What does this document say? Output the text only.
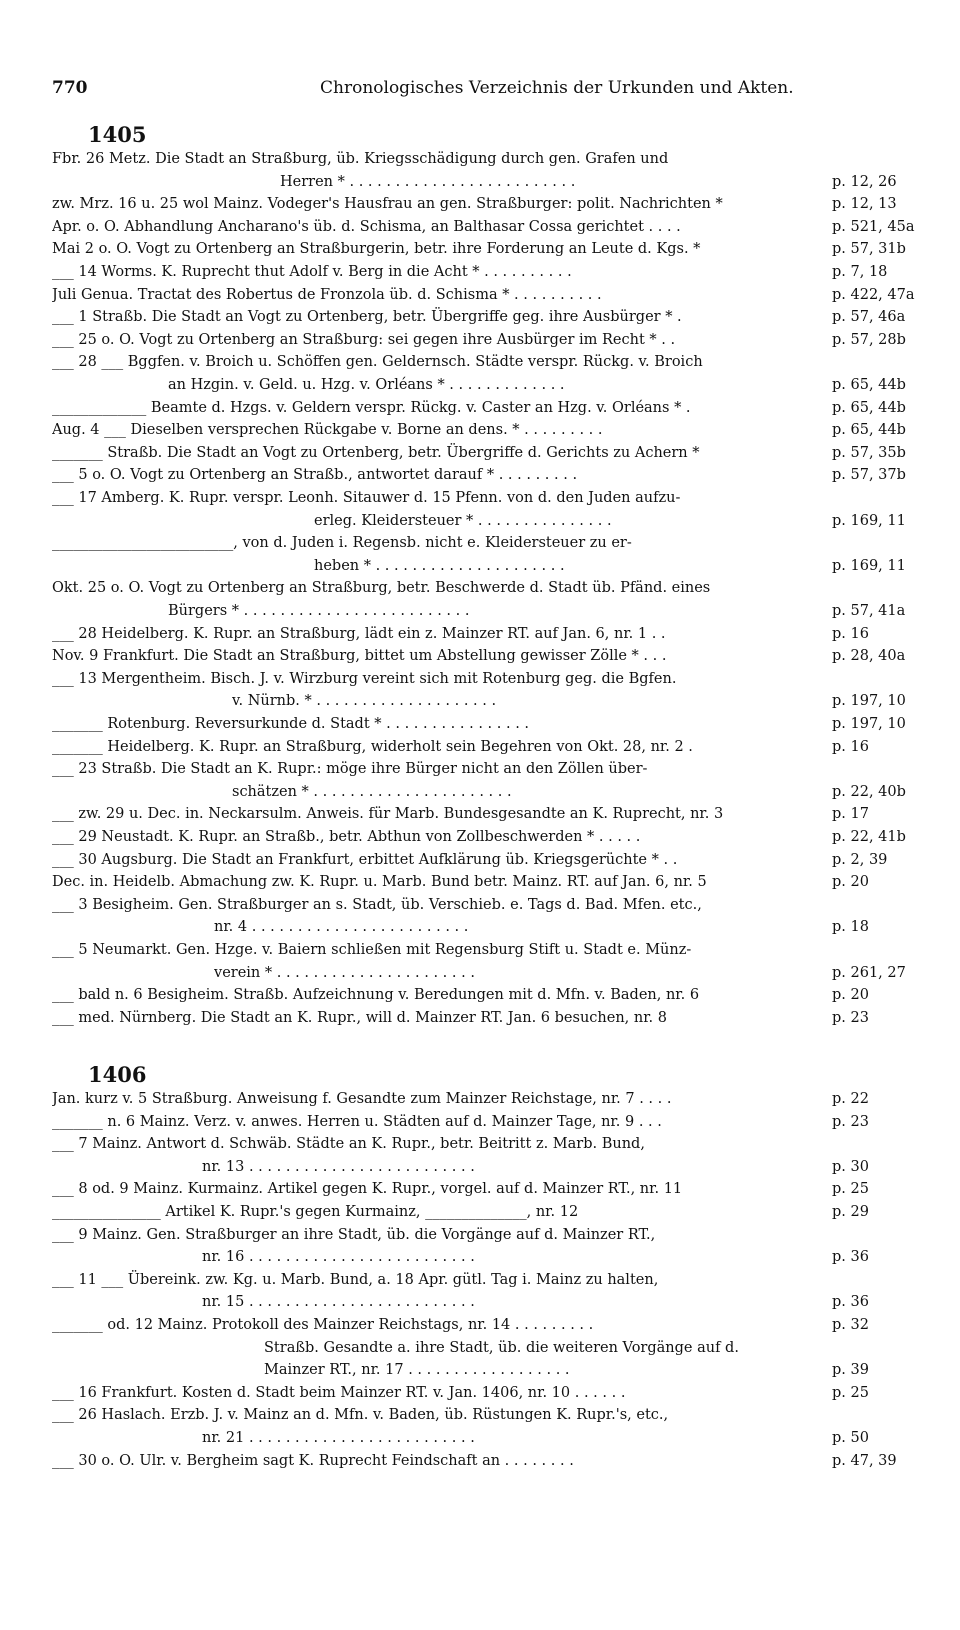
770	Chronologisches Verzeichnis der Urkunden und Akten.
1405
Fbr. 26 Metz. Die Stadt an Straßburg, üb. Kriegsschädigung durch gen. Grafen und
Herren * . . . . . . . . . . . . . . . . . . . . . . . . .	p. 12, 26
zw. Mrz. 16 u. 25 wol Mainz. Vodeger's Hausfrau an gen. Straßburger: polit. Nachrichten *	p. 12, 13
Apr. o. O. Abhandlung Ancharano's üb. d. Schisma, an Balthasar Cossa gerichtet . . . .	p. 521, 45a
Mai 2 o. O. Vogt zu Ortenberg an Straßburgerin, betr. ihre Forderung an Leute d. Kgs. *	p. 57, 31b
___ 14 Worms. K. Ruprecht thut Adolf v. Berg in die Acht * . . . . . . . . . .	p. 7, 18
Juli Genua. Tractat des Robertus de Fronzola üb. d. Schisma * . . . . . . . . . .	p. 422, 47a
___ 1 Straßb. Die Stadt an Vogt zu Ortenberg, betr. Übergriffe geg. ihre Ausbürger * .	p. 57, 46a
___ 25 o. O. Vogt zu Ortenberg an Straßburg: sei gegen ihre Ausbürger im Recht * . .	p. 57, 28b
___ 28 ___ Bggfen. v. Broich u. Schöffen gen. Geldernsch. Städte verspr. Rückg. v. Broich
an Hzgin. v. Geld. u. Hzg. v. Orléans * . . . . . . . . . . . . .	p. 65, 44b
_____________ Beamte d. Hzgs. v. Geldern verspr. Rückg. v. Caster an Hzg. v. Orléans * .	p. 65, 44b
Aug. 4 ___ Dieselben versprechen Rückgabe v. Borne an dens. * . . . . . . . . .	p. 65, 44b
_______ Straßb. Die Stadt an Vogt zu Ortenberg, betr. Übergriffe d. Gerichts zu Achern *	p. 57, 35b
___ 5 o. O. Vogt zu Ortenberg an Straßb., antwortet darauf * . . . . . . . . .	p. 57, 37b
___ 17 Amberg. K. Rupr. verspr. Leonh. Sitauwer d. 15 Pfenn. von d. den Juden aufzu-
erleg. Kleidersteuer * . . . . . . . . . . . . . . .	p. 169, 11
_________________________, von d. Juden i. Regensb. nicht e. Kleidersteuer zu er-
heben * . . . . . . . . . . . . . . . . . . . . .	p. 169, 11
Okt. 25 o. O. Vogt zu Ortenberg an Straßburg, betr. Beschwerde d. Stadt üb. Pfänd. eines
Bürgers * . . . . . . . . . . . . . . . . . . . . . . . . .	p. 57, 41a
___ 28 Heidelberg. K. Rupr. an Straßburg, lädt ein z. Mainzer RT. auf Jan. 6, nr. 1 . .	p. 16
Nov. 9 Frankfurt. Die Stadt an Straßburg, bittet um Abstellung gewisser Zölle * . . .	p. 28, 40a
___ 13 Mergentheim. Bisch. J. v. Wirzburg vereint sich mit Rotenburg geg. die Bgfen.
v. Nürnb. * . . . . . . . . . . . . . . . . . . . .	p. 197, 10
_______ Rotenburg. Reversurkunde d. Stadt * . . . . . . . . . . . . . . . .	p. 197, 10
_______ Heidelberg. K. Rupr. an Straßburg, widerholt sein Begehren von Okt. 28, nr. 2 .	p. 16
___ 23 Straßb. Die Stadt an K. Rupr.: möge ihre Bürger nicht an den Zöllen über-
schätzen * . . . . . . . . . . . . . . . . . . . . . .	p. 22, 40b
___ zw. 29 u. Dec. in. Neckarsulm. Anweis. für Marb. Bundesgesandte an K. Ruprecht, nr. 3	p. 17
___ 29 Neustadt. K. Rupr. an Straßb., betr. Abthun von Zollbeschwerden * . . . . .	p. 22, 41b
___ 30 Augsburg. Die Stadt an Frankfurt, erbittet Aufklärung üb. Kriegsgerüchte * . .	p. 2, 39
Dec. in. Heidelb. Abmachung zw. K. Rupr. u. Marb. Bund betr. Mainz. RT. auf Jan. 6, nr. 5	p. 20
___ 3 Besigheim. Gen. Straßburger an s. Stadt, üb. Verschieb. e. Tags d. Bad. Mfen. etc.,
nr. 4 . . . . . . . . . . . . . . . . . . . . . . . .	p. 18
___ 5 Neumarkt. Gen. Hzge. v. Baiern schließen mit Regensburg Stift u. Stadt e. Münz-
verein * . . . . . . . . . . . . . . . . . . . . . .	p. 261, 27
___ bald n. 6 Besigheim. Straßb. Aufzeichnung v. Beredungen mit d. Mfn. v. Baden, nr. 6	p. 20
___ med. Nürnberg. Die Stadt an K. Rupr., will d. Mainzer RT. Jan. 6 besuchen, nr. 8	p. 23
1406
Jan. kurz v. 5 Straßburg. Anweisung f. Gesandte zum Mainzer Reichstage, nr. 7 . . . .	p. 22
_______ n. 6 Mainz. Verz. v. anwes. Herren u. Städten auf d. Mainzer Tage, nr. 9 . . .	p. 23
___ 7 Mainz. Antwort d. Schwäb. Städte an K. Rupr., betr. Beitritt z. Marb. Bund,
nr. 13 . . . . . . . . . . . . . . . . . . . . . . . . .	p. 30
___ 8 od. 9 Mainz. Kurmainz. Artikel gegen K. Rupr., vorgel. auf d. Mainzer RT., nr. 11	p. 25
_______________ Artikel K. Rupr.'s gegen Kurmainz, ______________, nr. 12	p. 29
___ 9 Mainz. Gen. Straßburger an ihre Stadt, üb. die Vorgänge auf d. Mainzer RT.,
nr. 16 . . . . . . . . . . . . . . . . . . . . . . . . .	p. 36
___ 11 ___ Übereink. zw. Kg. u. Marb. Bund, a. 18 Apr. gütl. Tag i. Mainz zu halten,
nr. 15 . . . . . . . . . . . . . . . . . . . . . . . . .	p. 36
_______ od. 12 Mainz. Protokoll des Mainzer Reichstags, nr. 14 . . . . . . . . .	p. 32
Straßb. Gesandte a. ihre Stadt, üb. die weiteren Vorgänge auf d.
Mainzer RT., nr. 17 . . . . . . . . . . . . . . . . . .	p. 39
___ 16 Frankfurt. Kosten d. Stadt beim Mainzer RT. v. Jan. 1406, nr. 10 . . . . . .	p. 25
___ 26 Haslach. Erzb. J. v. Mainz an d. Mfn. v. Baden, üb. Rüstungen K. Rupr.'s, etc.,
nr. 21 . . . . . . . . . . . . . . . . . . . . . . . . .	p. 50
___ 30 o. O. Ulr. v. Bergheim sagt K. Ruprecht Feindschaft an . . . . . . . .	p. 47, 39
